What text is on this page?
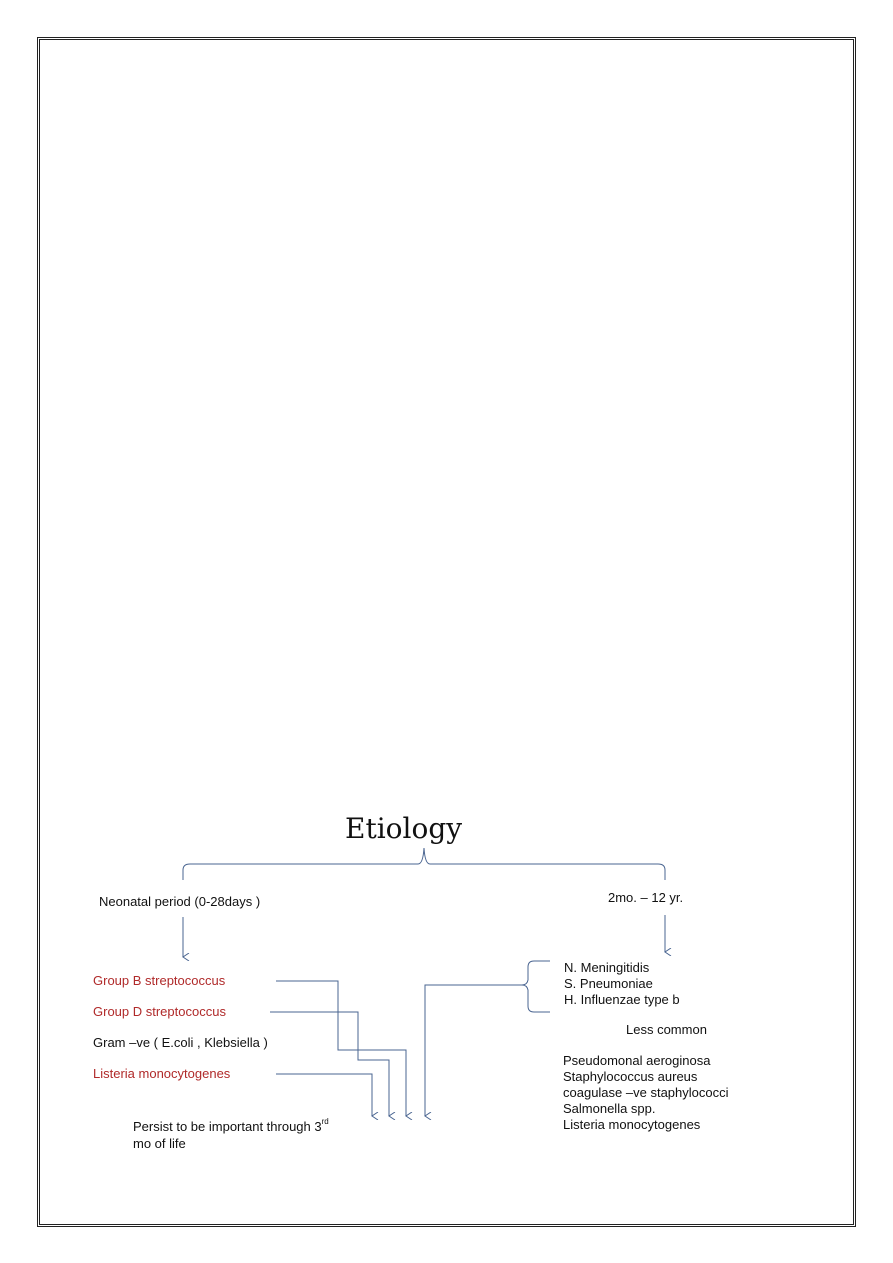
Etiology
Neonatal period (0-28days )	2mo. – 12 yr.
Group B streptococcus
Group D streptococcus
Gram –ve ( E.coli , Klebsiella )
Listeria monocytogenes
Persist to be important through 3rd
mo of life
N. Meningitidis
S. Pneumoniae
H. Influenzae type b
Less common
Pseudomonal aeroginosa
Staphylococcus aureus
coagulase –ve staphylococci
Salmonella spp.
Listeria monocytogenes
